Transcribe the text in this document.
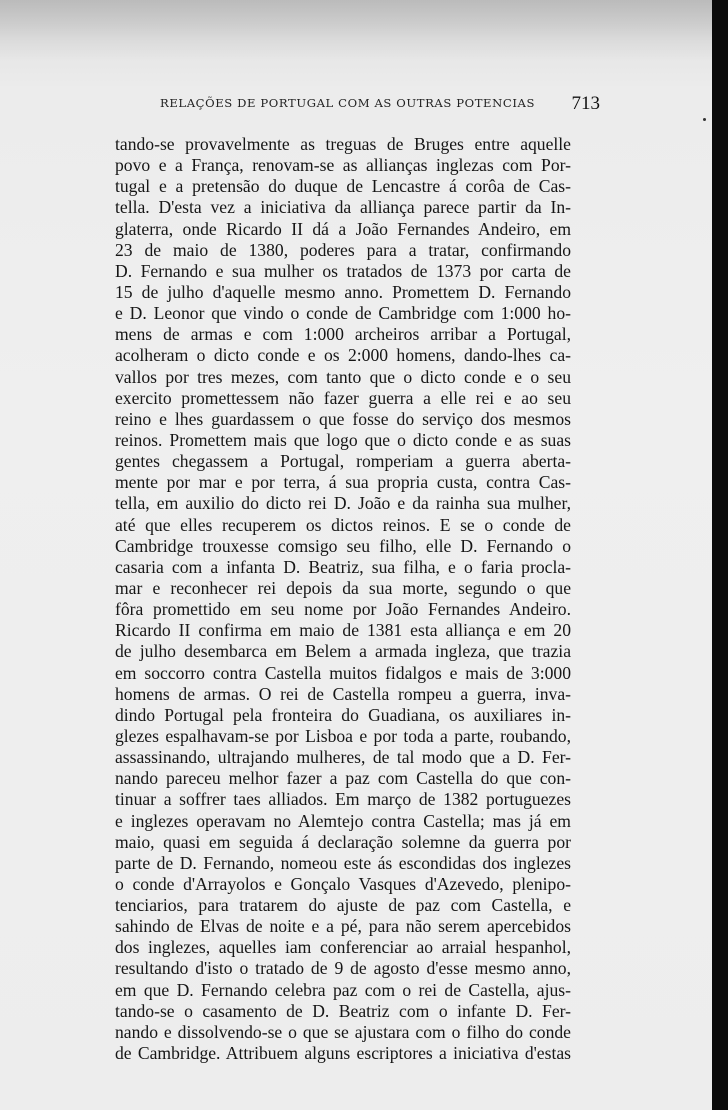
RELAÇÕES DE PORTUGAL COM AS OUTRAS POTENCIAS 713
tando-se provavelmente as treguas de Bruges entre aquelle
povo e a França, renovam-se as allianças inglezas com Por-
tugal e a pretensão do duque de Lencastre á corôa de Cas-
tella. D'esta vez a iniciativa da alliança parece partir da In-
glaterra, onde Ricardo II dá a João Fernandes Andeiro, em
23 de maio de 1380, poderes para a tratar, confirmando
D. Fernando e sua mulher os tratados de 1373 por carta de
15 de julho d'aquelle mesmo anno. Promettem D. Fernando
e D. Leonor que vindo o conde de Cambridge com 1:000 ho-
mens de armas e com 1:000 archeiros arribar a Portugal,
acolheram o dicto conde e os 2:000 homens, dando-lhes ca-
vallos por tres mezes, com tanto que o dicto conde e o seu
exercito promettessem não fazer guerra a elle rei e ao seu
reino e lhes guardassem o que fosse do serviço dos mesmos
reinos. Promettem mais que logo que o dicto conde e as suas
gentes chegassem a Portugal, romperiam a guerra aberta-
mente por mar e por terra, á sua propria custa, contra Cas-
tella, em auxilio do dicto rei D. João e da rainha sua mulher,
até que elles recuperem os dictos reinos. E se o conde de
Cambridge trouxesse comsigo seu filho, elle D. Fernando o
casaria com a infanta D. Beatriz, sua filha, e o faria procla-
mar e reconhecer rei depois da sua morte, segundo o que
fôra promettido em seu nome por João Fernandes Andeiro.
Ricardo II confirma em maio de 1381 esta alliança e em 20
de julho desembarca em Belem a armada ingleza, que trazia
em soccorro contra Castella muitos fidalgos e mais de 3:000
homens de armas. O rei de Castella rompeu a guerra, inva-
dindo Portugal pela fronteira do Guadiana, os auxiliares in-
glezes espalhavam-se por Lisboa e por toda a parte, roubando,
assassinando, ultrajando mulheres, de tal modo que a D. Fer-
nando pareceu melhor fazer a paz com Castella do que con-
tinuar a soffrer taes alliados. Em março de 1382 portuguezes
e inglezes operavam no Alemtejo contra Castella; mas já em
maio, quasi em seguida á declaração solemne da guerra por
parte de D. Fernando, nomeou este ás escondidas dos inglezes
o conde d'Arrayolos e Gonçalo Vasques d'Azevedo, plenipo-
tenciarios, para tratarem do ajuste de paz com Castella, e
sahindo de Elvas de noite e a pé, para não serem apercebidos
dos inglezes, aquelles iam conferenciar ao arraial hespanhol,
resultando d'isto o tratado de 9 de agosto d'esse mesmo anno,
em que D. Fernando celebra paz com o rei de Castella, ajus-
tando-se o casamento de D. Beatriz com o infante D. Fer-
nando e dissolvendo-se o que se ajustara com o filho do conde
de Cambridge. Attribuem alguns escriptores a iniciativa d'estas
